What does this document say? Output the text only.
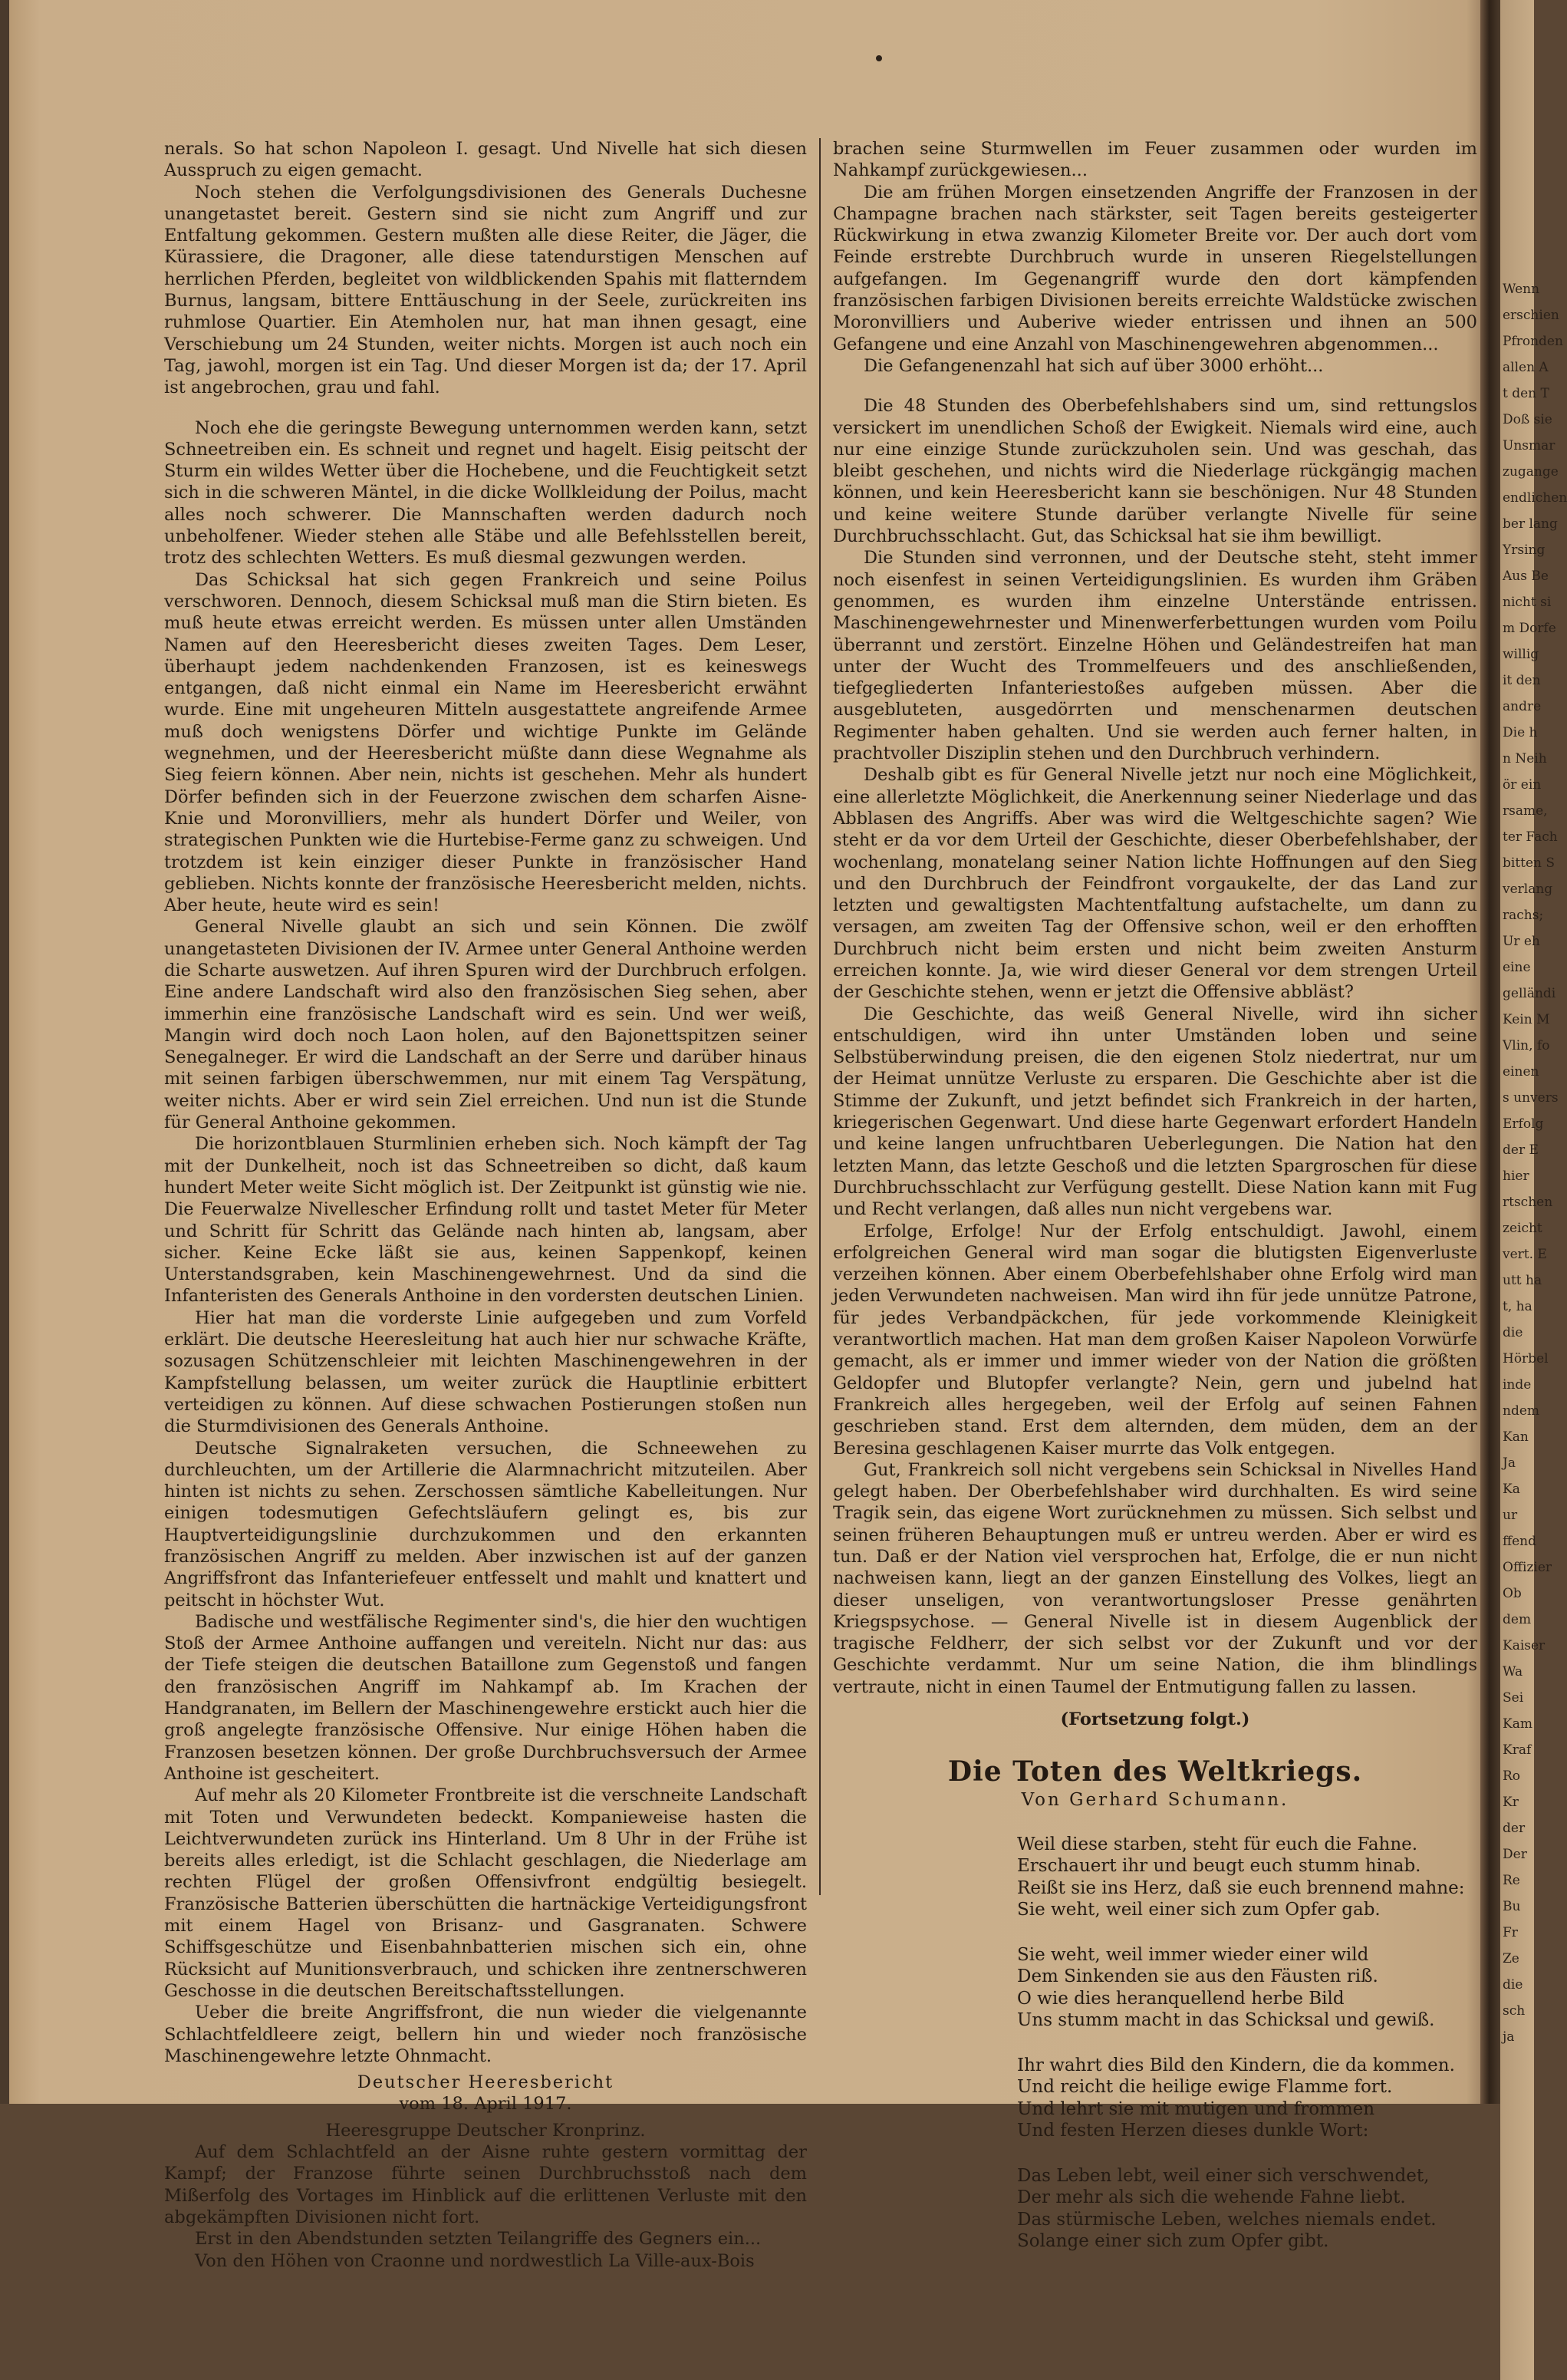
nerals. So hat schon Napoleon I. gesagt. Und Nivelle hat sich diesen Ausspruch zu eigen gemacht.

Noch stehen die Verfolgungsdivisionen des Generals Duchesne unangetastet bereit. Gestern sind sie nicht zum Angriff und zur Entfaltung gekommen. Gestern mußten alle diese Reiter, die Jäger, die Kürassiere, die Dragoner, alle diese tatendurstigen Menschen auf herrlichen Pferden, begleitet von wildblickenden Spahis mit flatterndem Burnus, langsam, bittere Enttäuschung in der Seele, zurückreiten ins ruhmlose Quartier. Ein Atemholen nur, hat man ihnen gesagt, eine Verschiebung um 24 Stunden, weiter nichts. Morgen ist auch noch ein Tag, jawohl, morgen ist ein Tag. Und dieser Morgen ist da; der 17. April ist angebrochen, grau und fahl.

Noch ehe die geringste Bewegung unternommen werden kann, setzt Schneetreiben ein. Es schneit und regnet und hagelt. Eisig peitscht der Sturm ein wildes Wetter über die Hochebene, und die Feuchtigkeit setzt sich in die schweren Mäntel, in die dicke Wollkleidung der Poilus, macht alles noch schwerer. Die Mannschaften werden dadurch noch unbeholfener. Wieder stehen alle Stäbe und alle Befehlsstellen bereit, trotz des schlechten Wetters. Es muß diesmal gezwungen werden.

Das Schicksal hat sich gegen Frankreich und seine Poilus verschworen. Dennoch, diesem Schicksal muß man die Stirn bieten. Es muß heute etwas erreicht werden. Es müssen unter allen Umständen Namen auf den Heeresbericht dieses zweiten Tages. Dem Leser, überhaupt jedem nachdenkenden Franzosen, ist es keineswegs entgangen, daß nicht einmal ein Name im Heeresbericht erwähnt wurde. Eine mit ungeheuren Mitteln ausgestattete angreifende Armee muß doch wenigstens Dörfer und wichtige Punkte im Gelände wegnehmen, und der Heeresbericht müßte dann diese Wegnahme als Sieg feiern können. Aber nein, nichts ist geschehen. Mehr als hundert Dörfer befinden sich in der Feuerzone zwischen dem scharfen Aisne-Knie und Moronvilliers, mehr als hundert Dörfer und Weiler, von strategischen Punkten wie die Hurtebise-Ferme ganz zu schweigen. Und trotzdem ist kein einziger dieser Punkte in französischer Hand geblieben. Nichts konnte der französische Heeresbericht melden, nichts. Aber heute, heute wird es sein!

General Nivelle glaubt an sich und sein Können. Die zwölf unangetasteten Divisionen der IV. Armee unter General Anthoine werden die Scharte auswetzen. Auf ihren Spuren wird der Durchbruch erfolgen. Eine andere Landschaft wird also den französischen Sieg sehen, aber immerhin eine französische Landschaft wird es sein. Und wer weiß, Mangin wird doch noch Laon holen, auf den Bajonettspitzen seiner Senegalneger. Er wird die Landschaft an der Serre und darüber hinaus mit seinen farbigen überschwemmen, nur mit einem Tag Verspätung, weiter nichts. Aber er wird sein Ziel erreichen. Und nun ist die Stunde für General Anthoine gekommen.

Die horizontblauen Sturmlinien erheben sich. Noch kämpft der Tag mit der Dunkelheit, noch ist das Schneetreiben so dicht, daß kaum hundert Meter weite Sicht möglich ist. Der Zeitpunkt ist günstig wie nie. Die Feuerwalze Nivellescher Erfindung rollt und tastet Meter für Meter und Schritt für Schritt das Gelände nach hinten ab, langsam, aber sicher. Keine Ecke läßt sie aus, keinen Sappenkopf, keinen Unterstandsgraben, kein Maschinengewehrnest. Und da sind die Infanteristen des Generals Anthoine in den vordersten deutschen Linien.

Hier hat man die vorderste Linie aufgegeben und zum Vorfeld erklärt. Die deutsche Heeresleitung hat auch hier nur schwache Kräfte, sozusagen Schützenschleier mit leichten Maschinengewehren in der Kampfstellung belassen, um weiter zurück die Hauptlinie erbittert verteidigen zu können. Auf diese schwachen Postierungen stoßen nun die Sturmdivisionen des Generals Anthoine.

Deutsche Signalraketen versuchen, die Schneewehen zu durchleuchten, um der Artillerie die Alarmnachricht mitzuteilen. Aber hinten ist nichts zu sehen. Zerschossen sämtliche Kabelleitungen. Nur einigen todesmutigen Gefechtsläufern gelingt es, bis zur Hauptverteidigungslinie durchzukommen und den erkannten französischen Angriff zu melden. Aber inzwischen ist auf der ganzen Angriffsfront das Infanteriefeuer entfesselt und mahlt und knattert und peitscht in höchster Wut.

Badische und westfälische Regimenter sind's, die hier den wuchtigen Stoß der Armee Anthoine auffangen und vereiteln. Nicht nur das: aus der Tiefe steigen die deutschen Bataillone zum Gegenstoß und fangen den französischen Angriff im Nahkampf ab. Im Krachen der Handgranaten, im Bellern der Maschinengewehre erstickt auch hier die groß angelegte französische Offensive. Nur einige Höhen haben die Franzosen besetzen können. Der große Durchbruchsversuch der Armee Anthoine ist gescheitert.

Auf mehr als 20 Kilometer Frontbreite ist die verschneite Landschaft mit Toten und Verwundeten bedeckt. Kompanieweise hasten die Leichtverwundeten zurück ins Hinterland. Um 8 Uhr in der Frühe ist bereits alles erledigt, ist die Schlacht geschlagen, die Niederlage am rechten Flügel der großen Offensivfront endgültig besiegelt. Französische Batterien überschütten die hartnäckige Verteidigungsfront mit einem Hagel von Brisanz- und Gasgranaten. Schwere Schiffsgeschütze und Eisenbahnbatterien mischen sich ein, ohne Rücksicht auf Munitionsverbrauch, und schicken ihre zentnerschweren Geschosse in die deutschen Bereitschaftsstellungen.

Ueber die breite Angriffsfront, die nun wieder die vielgenannte Schlachtfeldleere zeigt, bellern hin und wieder noch französische Maschinengewehre letzte Ohnmacht.

Deutscher Heeresbericht

vom 18. April 1917.

Heeresgruppe Deutscher Kronprinz.

Auf dem Schlachtfeld an der Aisne ruhte gestern vormittag der Kampf; der Franzose führte seinen Durchbruchsstoß nach dem Mißerfolg des Vortages im Hinblick auf die erlittenen Verluste mit den abgekämpften Divisionen nicht fort.

Erst in den Abendstunden setzten Teilangriffe des Gegners ein...

Von den Höhen von Craonne und nordwestlich La Ville-aux-Bois

brachen seine Sturmwellen im Feuer zusammen oder wurden im Nahkampf zurückgewiesen...

Die am frühen Morgen einsetzenden Angriffe der Franzosen in der Champagne brachen nach stärkster, seit Tagen bereits gesteigerter Rückwirkung in etwa zwanzig Kilometer Breite vor. Der auch dort vom Feinde erstrebte Durchbruch wurde in unseren Riegelstellungen aufgefangen. Im Gegenangriff wurde den dort kämpfenden französischen farbigen Divisionen bereits erreichte Waldstücke zwischen Moronvilliers und Auberive wieder entrissen und ihnen an 500 Gefangene und eine Anzahl von Maschinengewehren abgenommen...

Die Gefangenenzahl hat sich auf über 3000 erhöht...

Die 48 Stunden des Oberbefehlshabers sind um, sind rettungslos versickert im unendlichen Schoß der Ewigkeit. Niemals wird eine, auch nur eine einzige Stunde zurückzuholen sein. Und was geschah, das bleibt geschehen, und nichts wird die Niederlage rückgängig machen können, und kein Heeresbericht kann sie beschönigen. Nur 48 Stunden und keine weitere Stunde darüber verlangte Nivelle für seine Durchbruchsschlacht. Gut, das Schicksal hat sie ihm bewilligt.

Die Stunden sind verronnen, und der Deutsche steht, steht immer noch eisenfest in seinen Verteidigungslinien. Es wurden ihm Gräben genommen, es wurden ihm einzelne Unterstände entrissen. Maschinengewehrnester und Minenwerferbettungen wurden vom Poilu überrannt und zerstört. Einzelne Höhen und Geländestreifen hat man unter der Wucht des Trommelfeuers und des anschließenden, tiefgegliederten Infanteriestoßes aufgeben müssen. Aber die ausgebluteten, ausgedörrten und menschenarmen deutschen Regimenter haben gehalten. Und sie werden auch ferner halten, in prachtvoller Disziplin stehen und den Durchbruch verhindern.

Deshalb gibt es für General Nivelle jetzt nur noch eine Möglichkeit, eine allerletzte Möglichkeit, die Anerkennung seiner Niederlage und das Abblasen des Angriffs. Aber was wird die Weltgeschichte sagen? Wie steht er da vor dem Urteil der Geschichte, dieser Oberbefehlshaber, der wochenlang, monatelang seiner Nation lichte Hoffnungen auf den Sieg und den Durchbruch der Feindfront vorgaukelte, der das Land zur letzten und gewaltigsten Machtentfaltung aufstachelte, um dann zu versagen, am zweiten Tag der Offensive schon, weil er den erhofften Durchbruch nicht beim ersten und nicht beim zweiten Ansturm erreichen konnte. Ja, wie wird dieser General vor dem strengen Urteil der Geschichte stehen, wenn er jetzt die Offensive abbläst?

Die Geschichte, das weiß General Nivelle, wird ihn sicher entschuldigen, wird ihn unter Umständen loben und seine Selbstüberwindung preisen, die den eigenen Stolz niedertrat, nur um der Heimat unnütze Verluste zu ersparen. Die Geschichte aber ist die Stimme der Zukunft, und jetzt befindet sich Frankreich in der harten, kriegerischen Gegenwart. Und diese harte Gegenwart erfordert Handeln und keine langen unfruchtbaren Ueberlegungen. Die Nation hat den letzten Mann, das letzte Geschoß und die letzten Spargroschen für diese Durchbruchsschlacht zur Verfügung gestellt. Diese Nation kann mit Fug und Recht verlangen, daß alles nun nicht vergebens war.

Erfolge, Erfolge! Nur der Erfolg entschuldigt. Jawohl, einem erfolgreichen General wird man sogar die blutigsten Eigenverluste verzeihen können. Aber einem Oberbefehlshaber ohne Erfolg wird man jeden Verwundeten nachweisen. Man wird ihn für jede unnütze Patrone, für jedes Verbandpäckchen, für jede vorkommende Kleinigkeit verantwortlich machen. Hat man dem großen Kaiser Napoleon Vorwürfe gemacht, als er immer und immer wieder von der Nation die größten Geldopfer und Blutopfer verlangte? Nein, gern und jubelnd hat Frankreich alles hergegeben, weil der Erfolg auf seinen Fahnen geschrieben stand. Erst dem alternden, dem müden, dem an der Beresina geschlagenen Kaiser murrte das Volk entgegen.

Gut, Frankreich soll nicht vergebens sein Schicksal in Nivelles Hand gelegt haben. Der Oberbefehlshaber wird durchhalten. Es wird seine Tragik sein, das eigene Wort zurücknehmen zu müssen. Sich selbst und seinen früheren Behauptungen muß er untreu werden. Aber er wird es tun. Daß er der Nation viel versprochen hat, Erfolge, die er nun nicht nachweisen kann, liegt an der ganzen Einstellung des Volkes, liegt an dieser unseligen, von verantwortungsloser Presse genährten Kriegspsychose. — General Nivelle ist in diesem Augenblick der tragische Feldherr, der sich selbst vor der Zukunft und vor der Geschichte verdammt. Nur um seine Nation, die ihm blindlings vertraute, nicht in einen Taumel der Entmutigung fallen zu lassen.

(Fortsetzung folgt.)

Die Toten des Weltkriegs.
Von Gerhard Schumann.
Weil diese starben, steht für euch die Fahne.
Erschauert ihr und beugt euch stumm hinab.
Reißt sie ins Herz, daß sie euch brennend mahne:
Sie weht, weil einer sich zum Opfer gab.
Sie weht, weil immer wieder einer wild
Dem Sinkenden sie aus den Fäusten riß.
O wie dies heranquellend herbe Bild
Uns stumm macht in das Schicksal und gewiß.
Ihr wahrt dies Bild den Kindern, die da kommen.
Und reicht die heilige ewige Flamme fort.
Und lehrt sie mit mutigen und frommen
Und festen Herzen dieses dunkle Wort:
Das Leben lebt, weil einer sich verschwendet,
Der mehr als sich die wehende Fahne liebt.
Das stürmische Leben, welches niemals endet.
Solange einer sich zum Opfer gibt.
Wenn
erschien
Pfronden
allen A
t den T
Doß sie
Unsmar
zugange
endlichen
ber lang
Yrsing
Aus Be
nicht si
m Dorfe
willig
it den
andre
Die h
n Neih
ör ein
rsame,
ter Fach
bitten S
verlang
rachs;
Ur eh
eine
gelländi
Kein M
Vlin, fo
einen
s unvers
Erfolg
der E
hier
rtschen
zeicht
vert. E
utt ha
t, ha
die
Hörbel
inde
ndem
Kan
Ja
Ka
ur
ffend
Offizier
Ob
dem
Kaiser
Wa
Sei
Kam
Kraf
Ro
Kr
der
Der
Re
Bu
Fr
Ze
die
sch
ja
